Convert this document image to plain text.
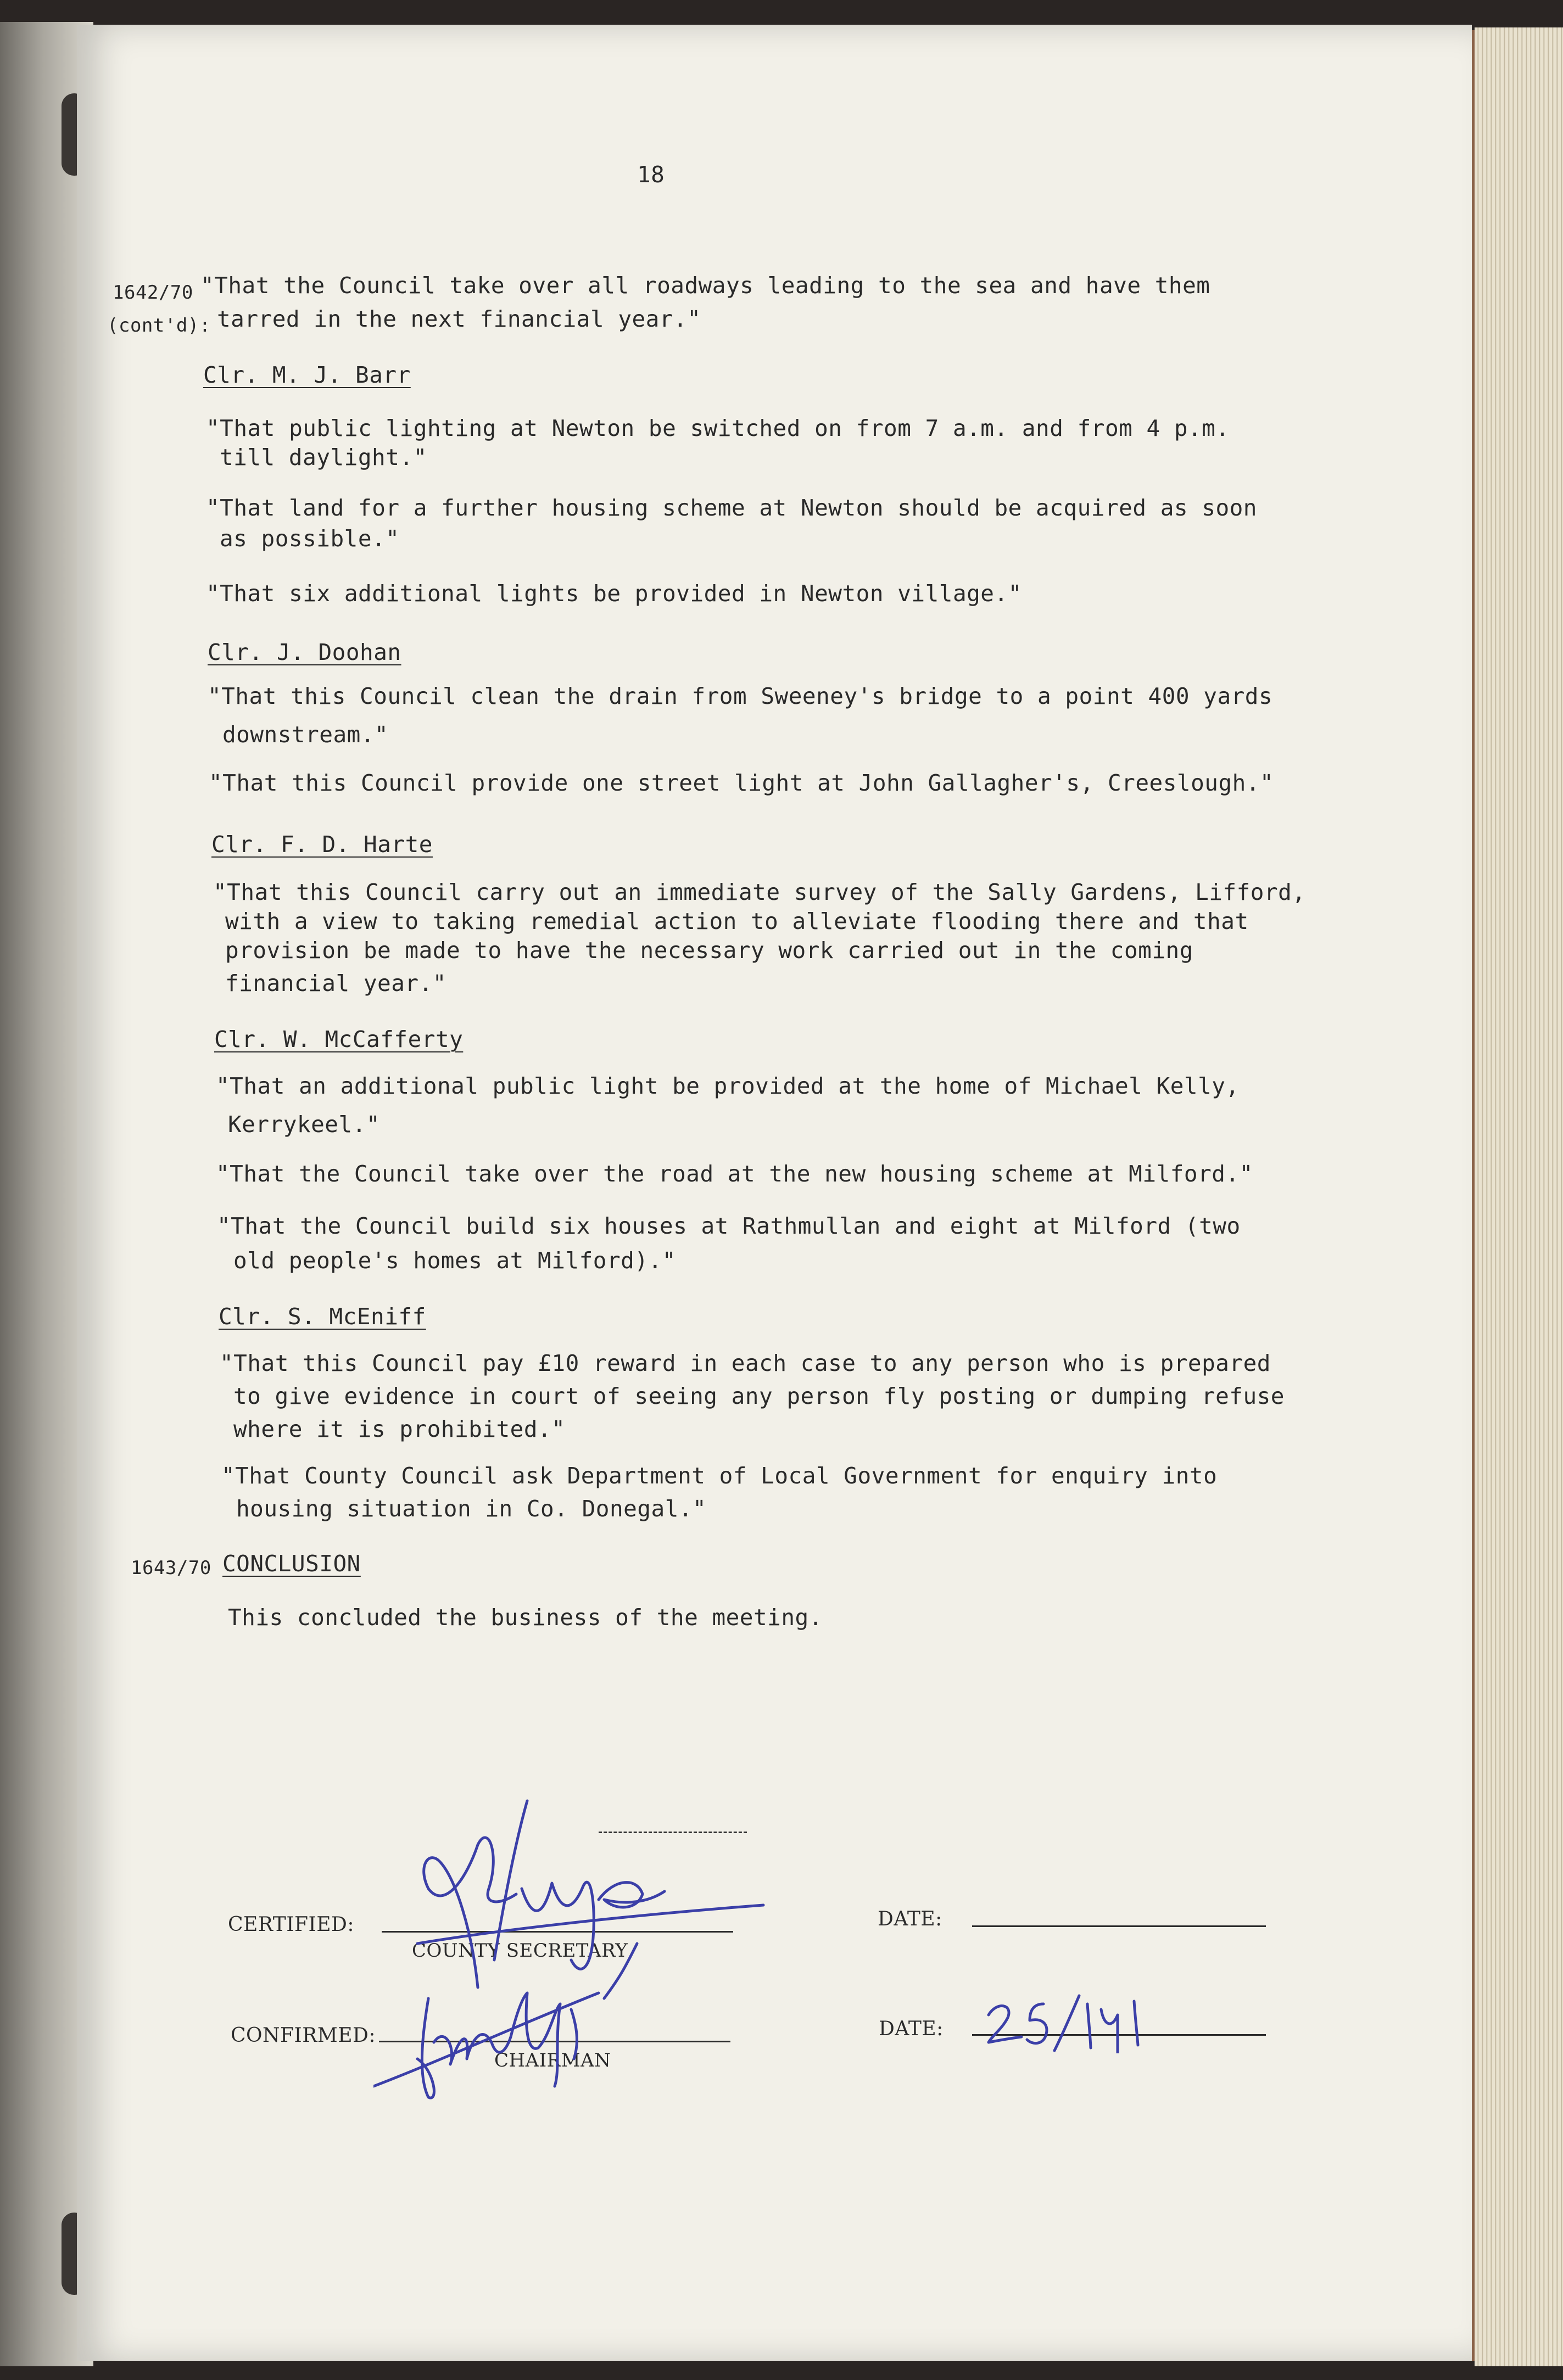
18
1642/70
(cont'd):
"That the Council take over all roadways leading to the sea and have them
tarred in the next financial year."
Clr. M. J. Barr
"That public lighting at Newton be switched on from 7 a.m. and from 4 p.m.
till daylight."
"That land for a further housing scheme at Newton should be acquired as soon
as possible."
"That six additional lights be provided in Newton village."
Clr. J. Doohan
"That this Council clean the drain from Sweeney's bridge to a point 400 yards
downstream."
"That this Council provide one street light at John Gallagher's, Creeslough."
Clr. F. D. Harte
"That this Council carry out an immediate survey of the Sally Gardens, Lifford,
with a view to taking remedial action to alleviate flooding there and that
provision be made to have the necessary work carried out in the coming
financial year."
Clr. W. McCafferty
"That an additional public light be provided at the home of Michael Kelly,
Kerrykeel."
"That the Council take over the road at the new housing scheme at Milford."
"That the Council build six houses at Rathmullan and eight at Milford (two
old people's homes at Milford)."
Clr. S. McEniff
"That this Council pay £10 reward in each case to any person who is prepared
to give evidence in court of seeing any person fly posting or dumping refuse
where it is prohibited."
"That County Council ask Department of Local Government for enquiry into
housing situation in Co. Donegal."
1643/70 CONCLUSION
This concluded the business of the meeting.
CERTIFIED:
COUNTY SECRETARY
DATE:
CONFIRMED:
CHAIRMAN
DATE:
